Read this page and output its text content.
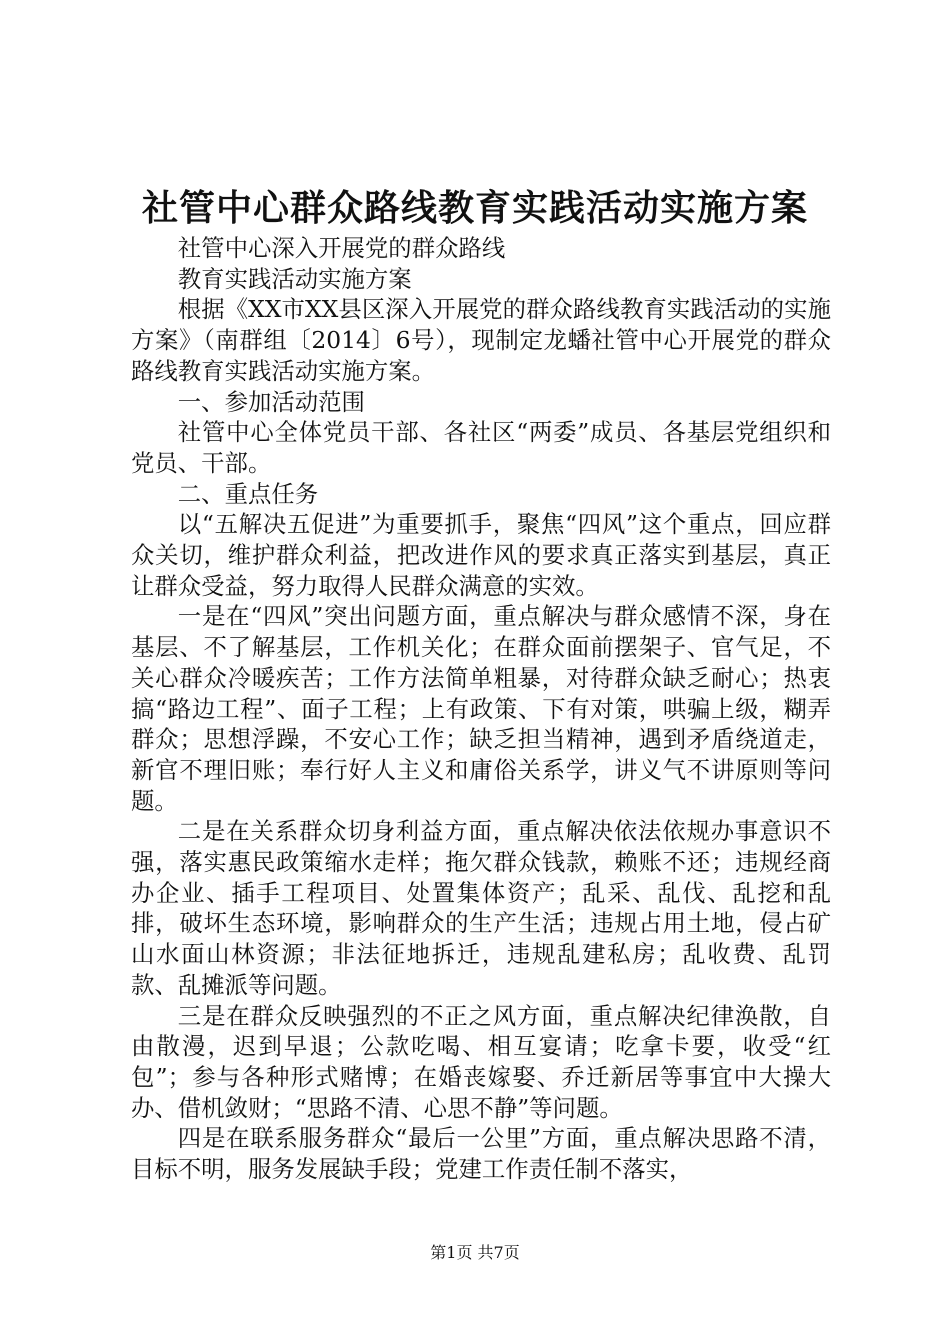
社管中心群众路线教育实践活动实施方案

社管中心深入开展党的群众路线

教育实践活动实施方案

根据《XX市XX县区深入开展党的群众路线教育实践活动的实施方案》（南群组〔2014〕6号），现制定龙蟠社管中心开展党的群众路线教育实践活动实施方案。

一、参加活动范围

社管中心全体党员干部、各社区“两委”成员、各基层党组织和党员、干部。

二、重点任务

以“五解决五促进”为重要抓手，聚焦“四风”这个重点，回应群众关切，维护群众利益，把改进作风的要求真正落实到基层，真正让群众受益，努力取得人民群众满意的实效。

一是在“四风”突出问题方面，重点解决与群众感情不深，身在基层、不了解基层，工作机关化；在群众面前摆架子、官气足，不关心群众冷暖疾苦；工作方法简单粗暴，对待群众缺乏耐心；热衷搞“路边工程”、面子工程；上有政策、下有对策，哄骗上级，糊弄群众；思想浮躁，不安心工作；缺乏担当精神，遇到矛盾绕道走，新官不理旧账；奉行好人主义和庸俗关系学，讲义气不讲原则等问题。

二是在关系群众切身利益方面，重点解决依法依规办事意识不强，落实惠民政策缩水走样；拖欠群众钱款，赖账不还；违规经商办企业、插手工程项目、处置集体资产；乱采、乱伐、乱挖和乱排，破坏生态环境，影响群众的生产生活；违规占用土地，侵占矿山水面山林资源；非法征地拆迁，违规乱建私房；乱收费、乱罚款、乱摊派等问题。

三是在群众反映强烈的不正之风方面，重点解决纪律涣散，自由散漫，迟到早退；公款吃喝、相互宴请；吃拿卡要，收受“红包”；参与各种形式赌博；在婚丧嫁娶、乔迁新居等事宜中大操大办、借机敛财；“思路不清、心思不静”等问题。

四是在联系服务群众“最后一公里”方面，重点解决思路不清，目标不明，服务发展缺手段；党建工作责任制不落实，

第1页 共7页
